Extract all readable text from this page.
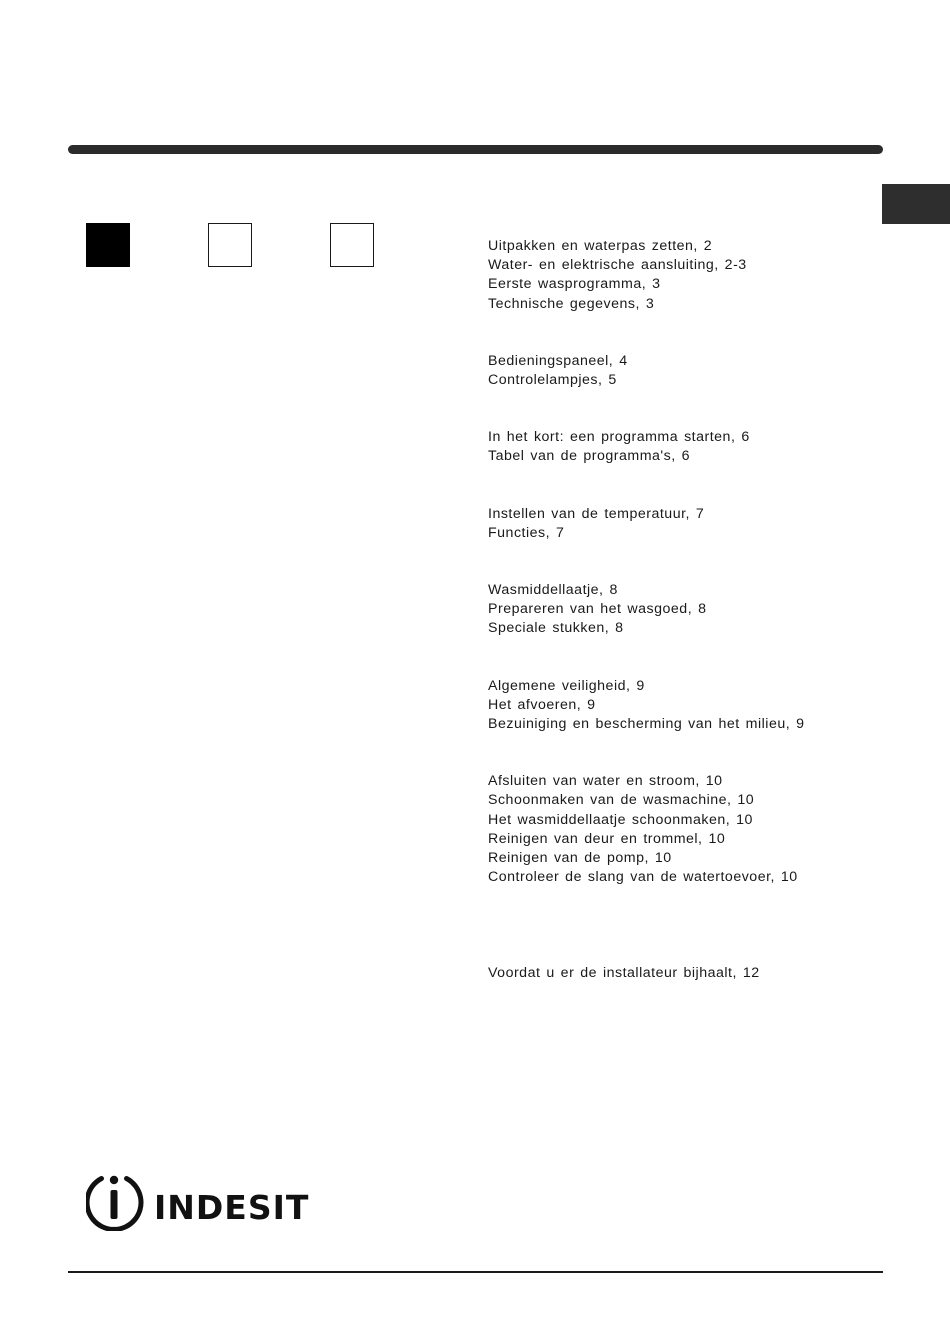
Uitpakken en waterpas zetten, 2
Water- en elektrische aansluiting, 2-3
Eerste wasprogramma, 3
Technische gegevens, 3
Bedieningspaneel, 4
Controlelampjes, 5
In het kort: een programma starten, 6
Tabel van de programma's, 6
Instellen van de temperatuur, 7
Functies, 7
Wasmiddellaatje, 8
Prepareren van het wasgoed, 8
Speciale stukken, 8
Algemene veiligheid, 9
Het afvoeren, 9
Bezuiniging en bescherming van het milieu, 9
Afsluiten van water en stroom, 10
Schoonmaken van de wasmachine, 10
Het wasmiddellaatje schoonmaken, 10
Reinigen van deur en trommel, 10
Reinigen van de pomp, 10
Controleer de slang van de watertoevoer, 10
Voordat u er de installateur bijhaalt, 12
INDESIT
